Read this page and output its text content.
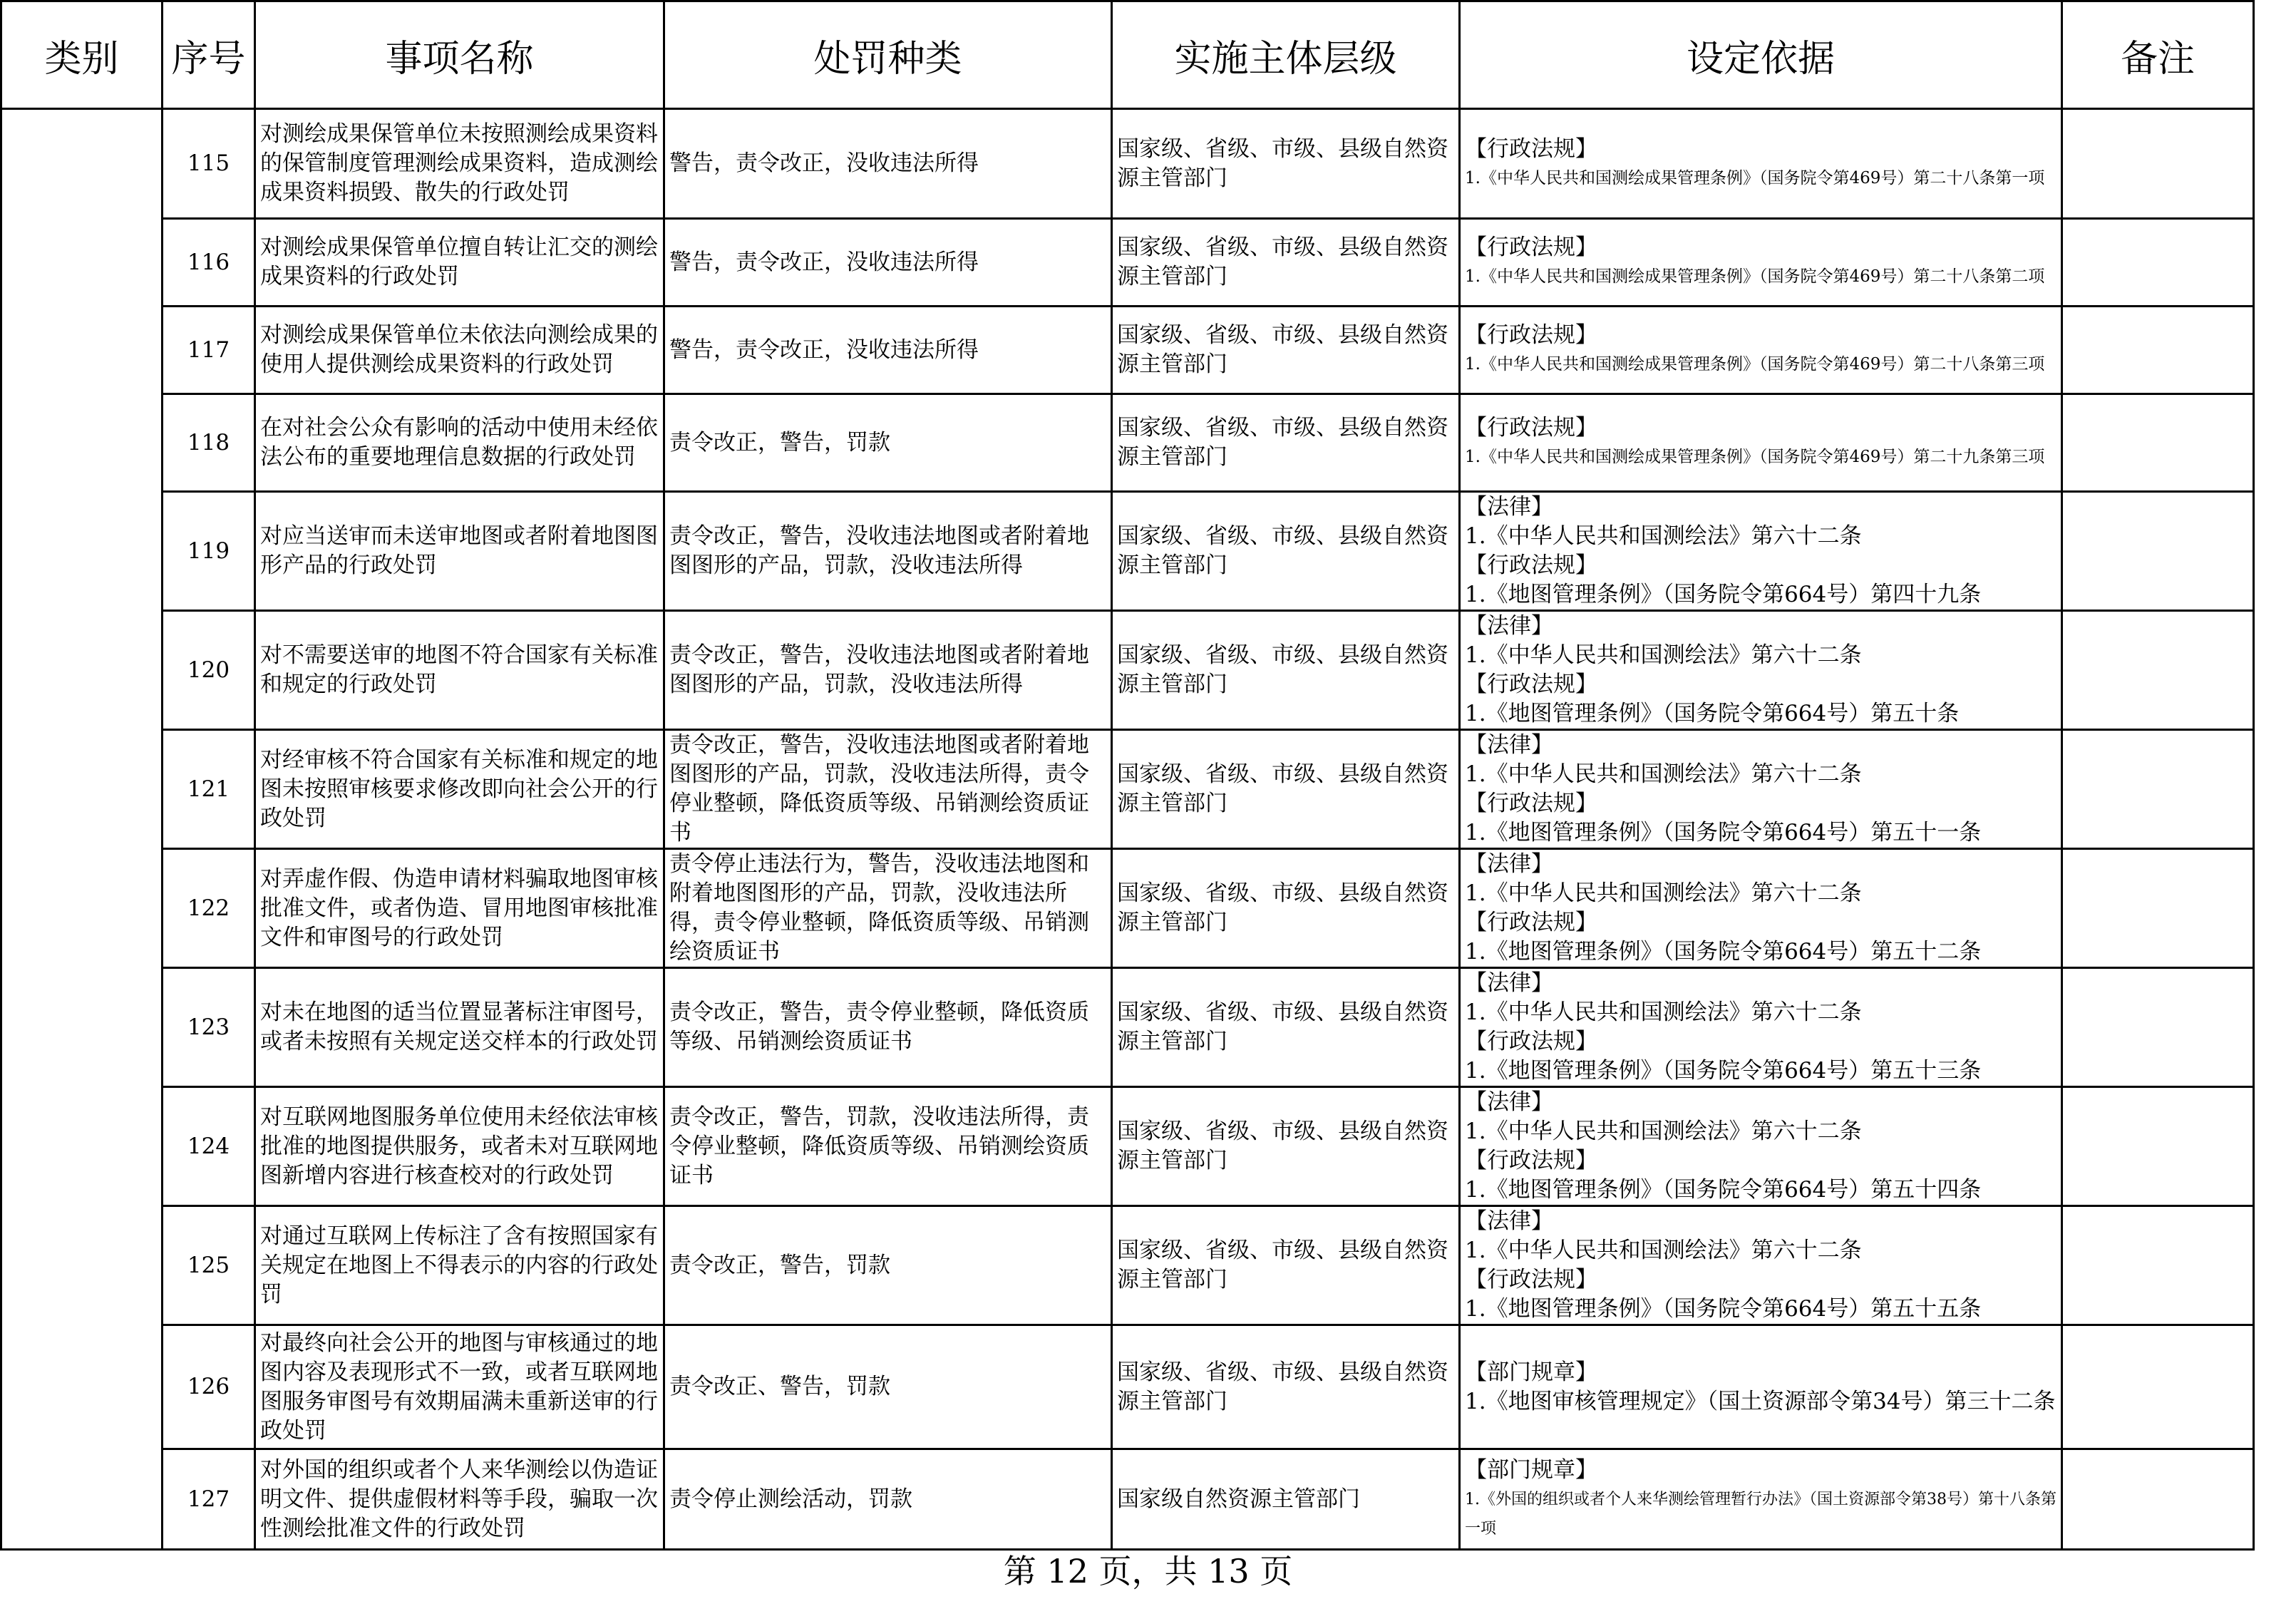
类别	序号	事项名称	处罚种类	实施主体层级	设定依据	备注
	115	对测绘成果保管单位未按照测绘成果资料的保管制度管理测绘成果资料，造成测绘成果资料损毁、散失的行政处罚	警告，责令改正，没收违法所得	国家级、省级、市级、县级自然资源主管部门	【行政法规】
1.《中华人民共和国测绘成果管理条例》（国务院令第469号）第二十八条第一项	

	116	对测绘成果保管单位擅自转让汇交的测绘成果资料的行政处罚	警告，责令改正，没收违法所得	国家级、省级、市级、县级自然资源主管部门	【行政法规】
1.《中华人民共和国测绘成果管理条例》（国务院令第469号）第二十八条第二项	

	117	对测绘成果保管单位未依法向测绘成果的使用人提供测绘成果资料的行政处罚	警告，责令改正，没收违法所得	国家级、省级、市级、县级自然资源主管部门	【行政法规】
1.《中华人民共和国测绘成果管理条例》（国务院令第469号）第二十八条第三项	

	118	在对社会公众有影响的活动中使用未经依法公布的重要地理信息数据的行政处罚	责令改正，警告，罚款	国家级、省级、市级、县级自然资源主管部门	【行政法规】
1.《中华人民共和国测绘成果管理条例》（国务院令第469号）第二十九条第三项	

	119	对应当送审而未送审地图或者附着地图图形产品的行政处罚	责令改正，警告，没收违法地图或者附着地图图形的产品，罚款，没收违法所得	国家级、省级、市级、县级自然资源主管部门	【法律】
1.《中华人民共和国测绘法》第六十二条
【行政法规】
1.《地图管理条例》（国务院令第664号）第四十九条	

	120	对不需要送审的地图不符合国家有关标准和规定的行政处罚	责令改正，警告，没收违法地图或者附着地图图形的产品，罚款，没收违法所得	国家级、省级、市级、县级自然资源主管部门	【法律】
1.《中华人民共和国测绘法》第六十二条
【行政法规】
1.《地图管理条例》（国务院令第664号）第五十条	

	121	对经审核不符合国家有关标准和规定的地图未按照审核要求修改即向社会公开的行政处罚	责令改正，警告，没收违法地图或者附着地图图形的产品，罚款，没收违法所得，责令停业整顿，降低资质等级、吊销测绘资质证书	国家级、省级、市级、县级自然资源主管部门	【法律】
1.《中华人民共和国测绘法》第六十二条
【行政法规】
1.《地图管理条例》（国务院令第664号）第五十一条	

	122	对弄虚作假、伪造申请材料骗取地图审核批准文件，或者伪造、冒用地图审核批准文件和审图号的行政处罚	责令停止违法行为，警告，没收违法地图和附着地图图形的产品，罚款，没收违法所得，责令停业整顿，降低资质等级、吊销测绘资质证书	国家级、省级、市级、县级自然资源主管部门	【法律】
1.《中华人民共和国测绘法》第六十二条
【行政法规】
1.《地图管理条例》（国务院令第664号）第五十二条	

	123	对未在地图的适当位置显著标注审图号，或者未按照有关规定送交样本的行政处罚	责令改正，警告，责令停业整顿，降低资质等级、吊销测绘资质证书	国家级、省级、市级、县级自然资源主管部门	【法律】
1.《中华人民共和国测绘法》第六十二条
【行政法规】
1.《地图管理条例》（国务院令第664号）第五十三条	

	124	对互联网地图服务单位使用未经依法审核批准的地图提供服务，或者未对互联网地图新增内容进行核查校对的行政处罚	责令改正，警告，罚款，没收违法所得，责令停业整顿，降低资质等级、吊销测绘资质证书	国家级、省级、市级、县级自然资源主管部门	【法律】
1.《中华人民共和国测绘法》第六十二条
【行政法规】
1.《地图管理条例》（国务院令第664号）第五十四条	

	125	对通过互联网上传标注了含有按照国家有关规定在地图上不得表示的内容的行政处罚	责令改正，警告，罚款	国家级、省级、市级、县级自然资源主管部门	【法律】
1.《中华人民共和国测绘法》第六十二条
【行政法规】
1.《地图管理条例》（国务院令第664号）第五十五条	

	126	对最终向社会公开的地图与审核通过的地图内容及表现形式不一致，或者互联网地图服务审图号有效期届满未重新送审的行政处罚	责令改正、警告，罚款	国家级、省级、市级、县级自然资源主管部门	【部门规章】
1.《地图审核管理规定》（国土资源部令第34号）第三十二条	

	127	对外国的组织或者个人来华测绘以伪造证明文件、提供虚假材料等手段，骗取一次性测绘批准文件的行政处罚	责令停止测绘活动，罚款	国家级自然资源主管部门	【部门规章】
1.《外国的组织或者个人来华测绘管理暂行办法》（国土资源部令第38号）第十八条第一项	

第 12 页，共 13 页
